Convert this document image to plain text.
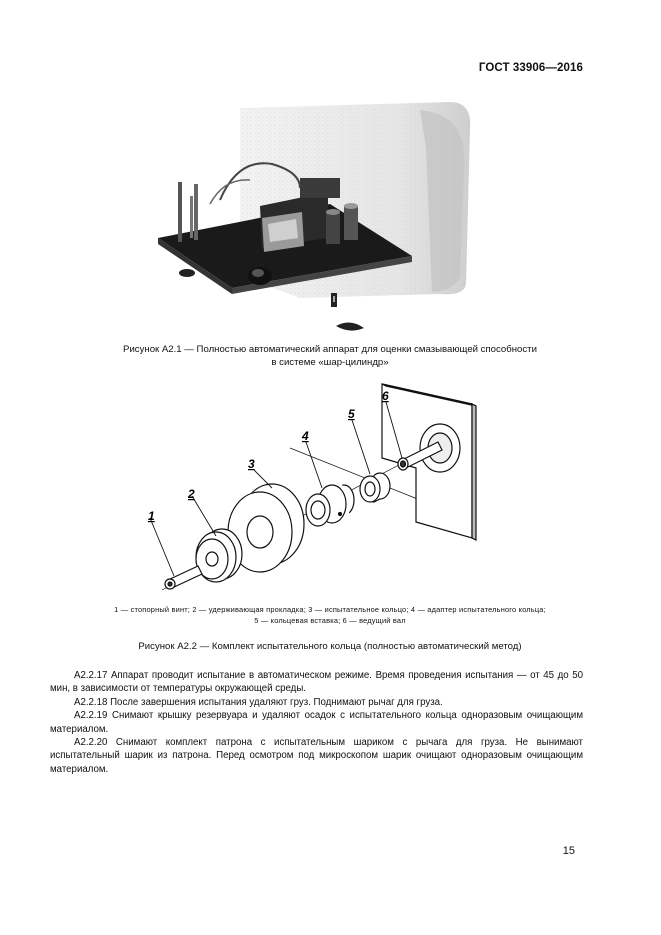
ГОСТ 33906—2016
Рисунок А2.1 — Полностью автоматический аппарат для оценки смазывающей способности
в системе «шар-цилиндр»
1
2
3
4
5
6
1 — стопорный винт; 2 — удерживающая прокладка; 3 — испытательное кольцо; 4 — адаптер испытательного кольца;
5 — кольцевая вставка; 6 — ведущий вал
Рисунок А2.2 — Комплект испытательного кольца (полностью автоматический метод)

А2.2.17 Аппарат проводит испытание в автоматическом режиме. Время проведения испытания — от 45 до 50 мин, в зависимости от температуры окружающей среды.

А2.2.18 После завершения испытания удаляют груз. Поднимают рычаг для груза.

А2.2.19 Снимают крышку резервуара и удаляют осадок с испытательного кольца одноразовым очищающим материалом.

А2.2.20 Снимают комплект патрона с испытательным шариком с рычага для груза. Не вынимают испытательный шарик из патрона. Перед осмотром под микроскопом шарик очищают одноразовым очищающим материалом.

15
